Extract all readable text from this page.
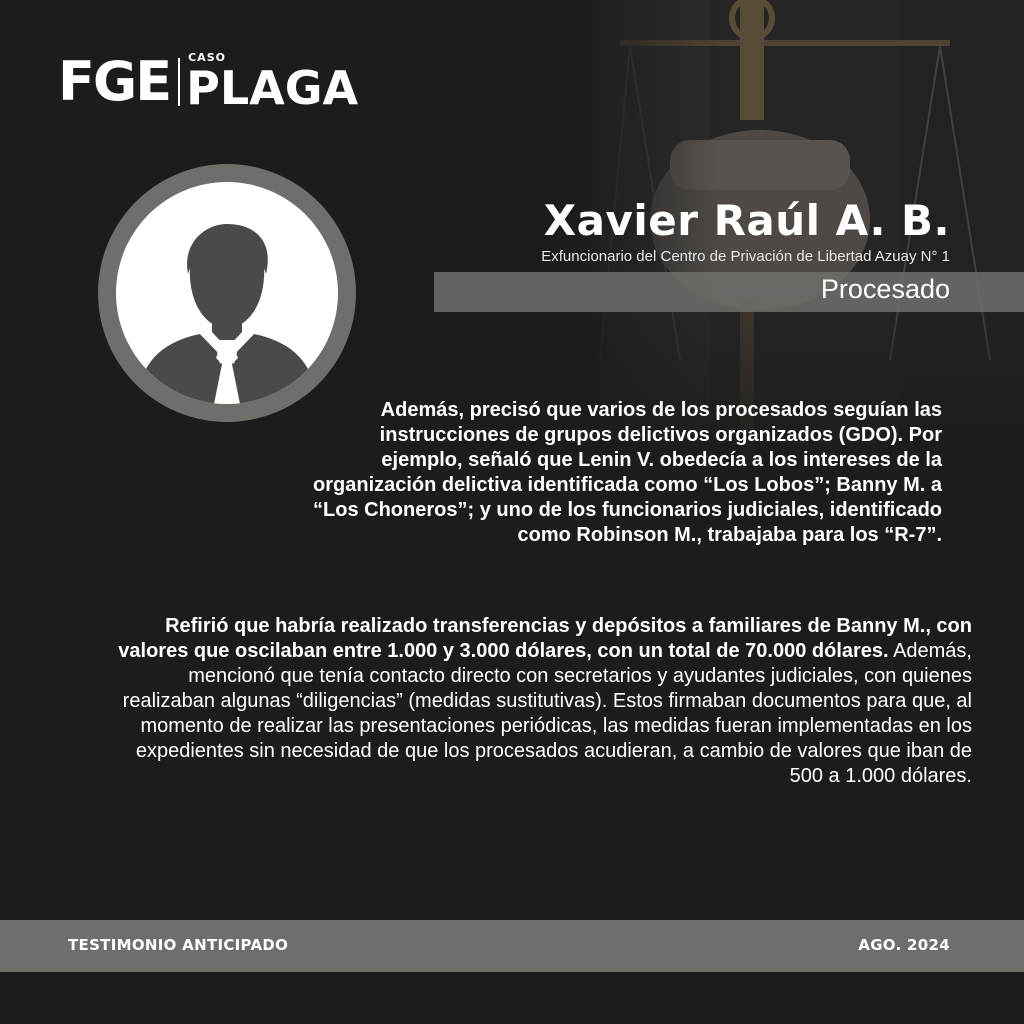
FGE CASO
PLAGA
Xavier Raúl A. B.
Exfuncionario del Centro de Privación de Libertad Azuay N° 1
Procesado
Además, precisó que varios de los procesados seguían las instrucciones de grupos delictivos organizados (GDO). Por ejemplo, señaló que Lenin V. obedecía a los intereses de la organización delictiva identificada como “Los Lobos”; Banny M. a “Los Choneros”; y uno de los funcionarios judiciales, identificado como Robinson M., trabajaba para los “R-7”.
Refirió que habría realizado transferencias y depósitos a familiares de Banny M., con valores que oscilaban entre 1.000 y 3.000 dólares, con un total de 70.000 dólares. Además, mencionó que tenía contacto directo con secretarios y ayudantes judiciales, con quienes realizaban algunas “diligencias” (medidas sustitutivas). Estos firmaban documentos para que, al momento de realizar las presentaciones periódicas, las medidas fueran implementadas en los expedientes sin necesidad de que los procesados acudieran, a cambio de valores que iban de 500 a 1.000 dólares.
TESTIMONIO ANTICIPADO	AGO. 2024
